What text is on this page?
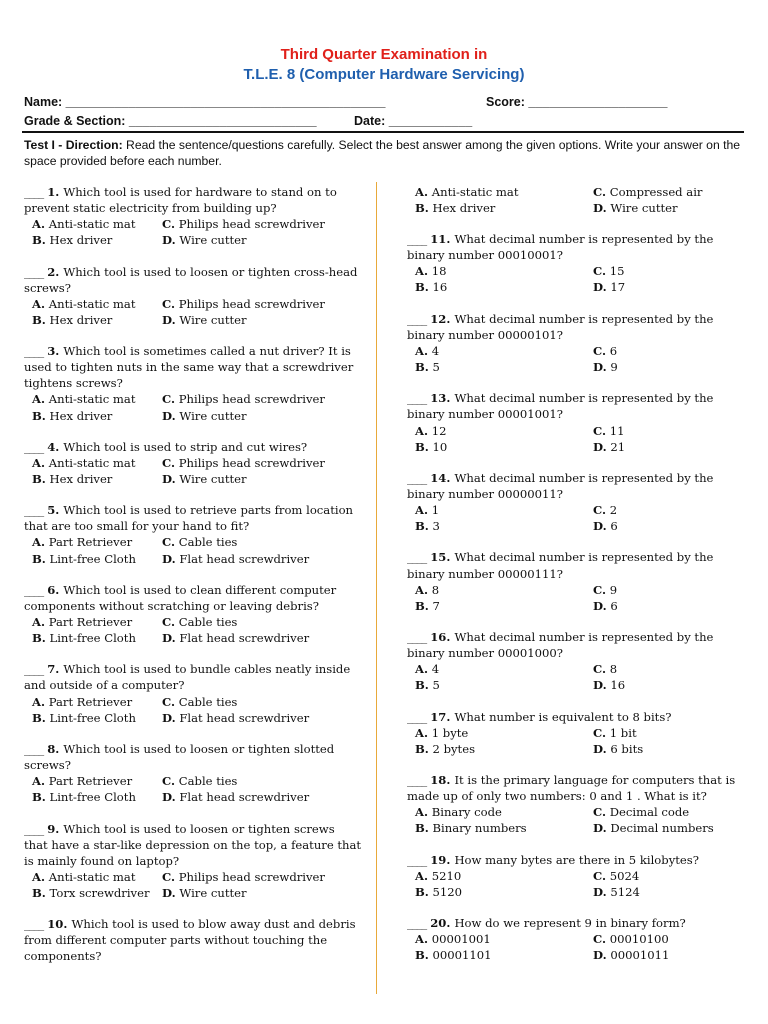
Third Quarter Examination in
T.L.E. 8 (Computer Hardware Servicing)
Name: ______________________________________________	Score: ____________________
Grade & Section: ___________________________	Date: ____________
Test I - Direction: Read the sentence/questions carefully. Select the best answer among the given options. Write your answer on the space provided before each number.
____ 1. Which tool is used for hardware to stand on to prevent static electricity from building up?
A. Anti-static mat	C. Philips head screwdriver
B. Hex driver	D. Wire cutter
____ 2. Which tool is used to loosen or tighten cross-head screws?
A. Anti-static mat	C. Philips head screwdriver
B. Hex driver	D. Wire cutter
____ 3. Which tool is sometimes called a nut driver? It is used to tighten nuts in the same way that a screwdriver tightens screws?
A. Anti-static mat	C. Philips head screwdriver
B. Hex driver	D. Wire cutter
____ 4. Which tool is used to strip and cut wires?
A. Anti-static mat	C. Philips head screwdriver
B. Hex driver	D. Wire cutter
____ 5. Which tool is used to retrieve parts from location that are too small for your hand to fit?
A. Part Retriever	C. Cable ties
B. Lint-free Cloth	D. Flat head screwdriver
____ 6. Which tool is used to clean different computer components without scratching or leaving debris?
A. Part Retriever	C. Cable ties
B. Lint-free Cloth	D. Flat head screwdriver
____ 7. Which tool is used to bundle cables neatly inside and outside of a computer?
A. Part Retriever	C. Cable ties
B. Lint-free Cloth	D. Flat head screwdriver
____ 8. Which tool is used to loosen or tighten slotted screws?
A. Part Retriever	C. Cable ties
B. Lint-free Cloth	D. Flat head screwdriver
____ 9. Which tool is used to loosen or tighten screws that have a star-like depression on the top, a feature that is mainly found on laptop?
A. Anti-static mat	C. Philips head screwdriver
B. Torx screwdriver	D. Wire cutter
____ 10. Which tool is used to blow away dust and debris from different computer parts without touching the components?
A. Anti-static mat	C. Compressed air
B. Hex driver	D. Wire cutter
____ 11. What decimal number is represented by the binary number 00010001?
A. 18	C. 15
B. 16	D. 17
____ 12. What decimal number is represented by the binary number 00000101?
A. 4	C. 6
B. 5	D. 9
____ 13. What decimal number is represented by the binary number 00001001?
A. 12	C. 11
B. 10	D. 21
____ 14. What decimal number is represented by the binary number 00000011?
A. 1	C. 2
B. 3	D. 6
____ 15. What decimal number is represented by the binary number 00000111?
A. 8	C. 9
B. 7	D. 6
____ 16. What decimal number is represented by the binary number 00001000?
A. 4	C. 8
B. 5	D. 16
____ 17. What number is equivalent to 8 bits?
A. 1 byte	C. 1 bit
B. 2 bytes	D. 6 bits
____ 18. It is the primary language for computers that is made up of only two numbers: 0 and 1 . What is it?
A. Binary code	C. Decimal code
B. Binary numbers	D. Decimal numbers
____ 19. How many bytes are there in 5 kilobytes?
A. 5210	C. 5024
B. 5120	D. 5124
____ 20. How do we represent 9 in binary form?
A. 00001001	C. 00010100
B. 00001101	D. 00001011
